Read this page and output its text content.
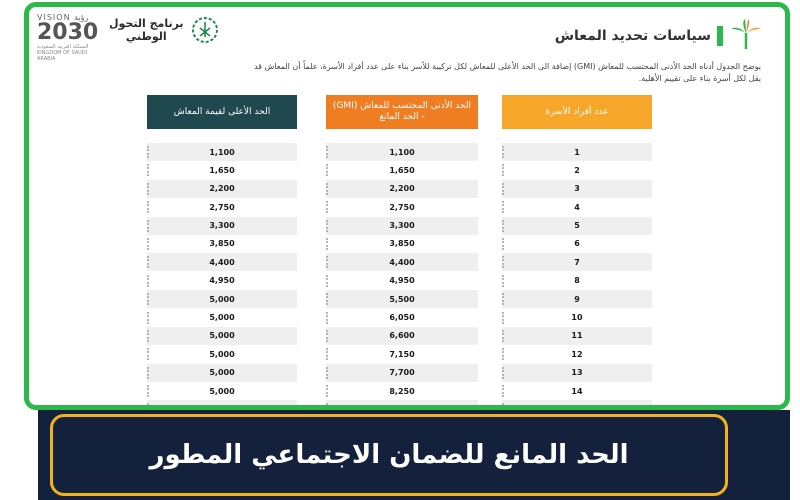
سياسات تحديد المعاش
برنامج التحول
الوطني
VISION رؤية
2030
المملكة العربية السعودية KINGDOM OF SAUDI ARABIA

يوضح الجدول أدناه الحد الأدنى المحتسب للمعاش (GMI) إضافة الى الحد الأعلى للمعاش لكل تركيبة للأسر بناء على عدد أفراد الأسرة، علماً أن المعاش قد يقل لكل أسرة بناء على تقييم الأهلية.

الحد الأعلى لقيمة المعاش
1,100
1,650
2,200
2,750
3,300
3,850
4,400
4,950
5,000
5,000
5,000
5,000
5,000
5,000
5,000
الحد الأدنى المحتسب للمعاش (GMI) - الحد المانع
1,100
1,650
2,200
2,750
3,300
3,850
4,400
4,950
5,500
6,050
6,600
7,150
7,700
8,250
8,800
عدد أفراد الأسرة
1
2
3
4
5
6
7
8
9
10
11
12
13
14
15
الحد المانع للضمان الاجتماعي المطور
